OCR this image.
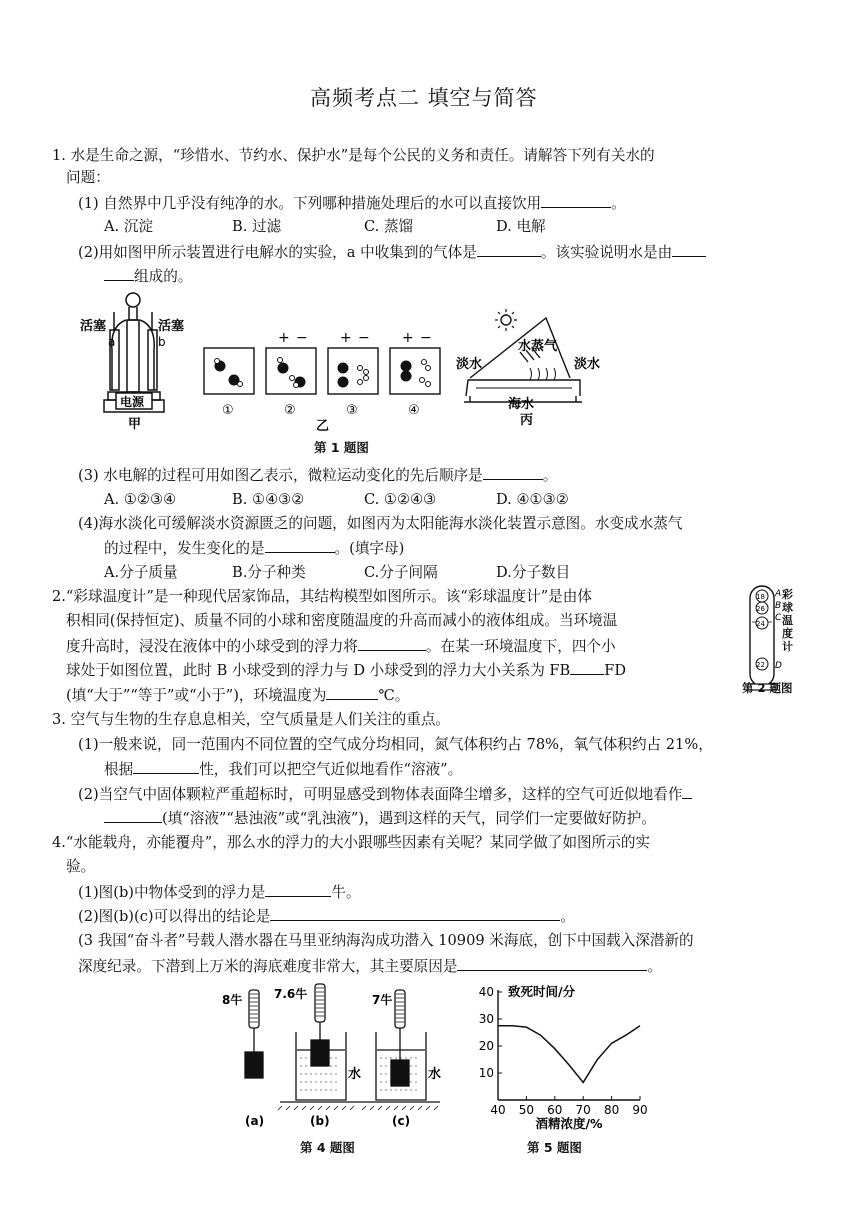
高频考点二 填空与简答
1. 水是生命之源，“珍惜水、节约水、保护水”是每个公民的义务和责任。请解答下列有关水的
问题：
(1) 自然界中几乎没有纯净的水。下列哪种措施处理后的水可以直接饮用	。
A. 沉淀	B. 过滤	C. 蒸馏	D. 电解
(2)用如图甲所示装置进行电解水的实验，a 中收集到的气体是	。该实验说明水是由
组成的。
活塞	活塞
a	b
电源
甲
+ − + − + −
①	②	③	④
乙
淡水
水蒸气
淡水
海水
丙
第 1 题图
(3) 水电解的过程可用如图乙表示，微粒运动变化的先后顺序是	。
A. ①②③④	B. ①④③②	C. ①②④③	D. ④①③②
(4)海水淡化可缓解淡水资源匮乏的问题，如图丙为太阳能海水淡化装置示意图。水变成水蒸气
的过程中，发生变化的是	。(填字母)
A.分子质量	B.分子种类	C.分子间隔	D.分子数目
2.“彩球温度计”是一种现代居家饰品，其结构模型如图所示。该“彩球温度计”是由体
积相同(保持恒定)、质量不同的小球和密度随温度的升高而减小的液体组成。当环境温
度升高时，浸没在液体中的小球受到的浮力将	。在某一环境温度下，四个小
球处于如图位置，此时 B 小球受到的浮力与 D 小球受到的浮力大小关系为 FB FD
(填“大于”“等于”或“小于”)，环境温度为	℃。
18
26
24
22
A
B
C
D
彩球温度计
第 2 题图
3. 空气与生物的生存息息相关，空气质量是人们关注的重点。
(1)一般来说，同一范围内不同位置的空气成分均相同，氮气体积约占 78%，氧气体积约占 21%，
根据	性，我们可以把空气近似地看作“溶液”。
(2)当空气中固体颗粒严重超标时，可明显感受到物体表面降尘增多，这样的空气可近似地看作
(填“溶液”“悬浊液”或“乳浊液”)，遇到这样的天气，同学们一定要做好防护。
4.“水能载舟，亦能覆舟”，那么水的浮力的大小跟哪些因素有关呢？某同学做了如图所示的实
验。
(1)图(b)中物体受到的浮力是	牛。
(2)图(b)(c)可以得出的结论是	。
(3 我国“奋斗者”号载人潜水器在马里亚纳海沟成功潜入 10909 米海底，创下中国载入深潜新的
深度纪录。下潜到上万米的海底难度非常大，其主要原因是	。
8牛	7.6牛	7牛
水	水
(a)	(b)	(c)
第 4 题图
10
20
30
40
40 50 60 70 80 90
致死时间/分
酒精浓度/%
第 5 题图
